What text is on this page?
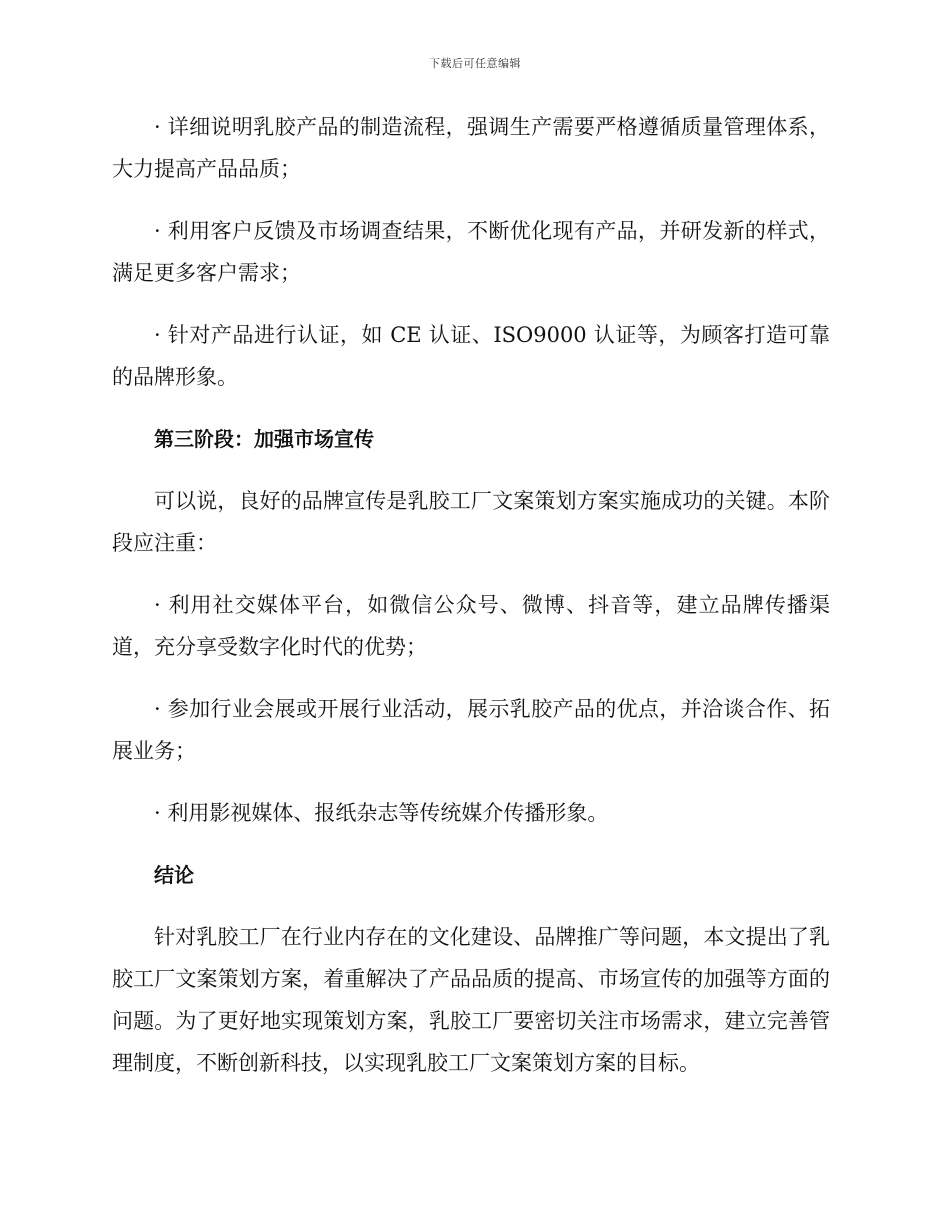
下载后可任意编辑

· 详细说明乳胶产品的制造流程，强调生产需要严格遵循质量管理体系，大力提高产品品质；

· 利用客户反馈及市场调查结果，不断优化现有产品，并研发新的样式，满足更多客户需求；

· 针对产品进行认证，如 CE 认证、ISO9000 认证等，为顾客打造可靠的品牌形象。

第三阶段：加强市场宣传

可以说，良好的品牌宣传是乳胶工厂文案策划方案实施成功的关键。本阶段应注重：

· 利用社交媒体平台，如微信公众号、微博、抖音等，建立品牌传播渠道，充分享受数字化时代的优势；

· 参加行业会展或开展行业活动，展示乳胶产品的优点，并洽谈合作、拓展业务；

· 利用影视媒体、报纸杂志等传统媒介传播形象。

结论

针对乳胶工厂在行业内存在的文化建设、品牌推广等问题，本文提出了乳胶工厂文案策划方案，着重解决了产品品质的提高、市场宣传的加强等方面的问题。为了更好地实现策划方案，乳胶工厂要密切关注市场需求，建立完善管理制度，不断创新科技，以实现乳胶工厂文案策划方案的目标。
